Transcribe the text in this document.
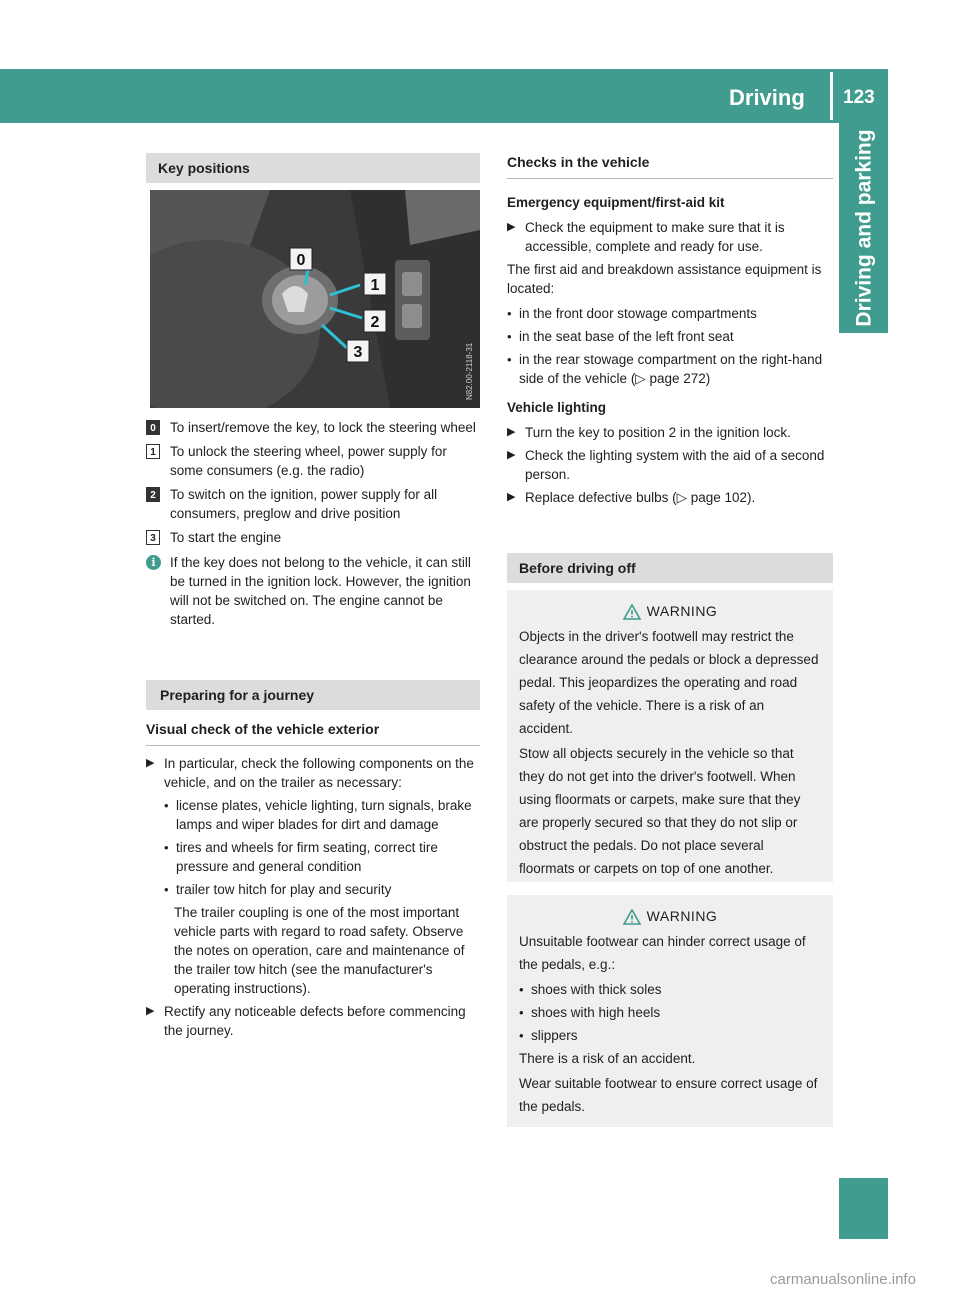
Driving 123
Driving and parking
Key positions
0
1
2
3	N82.00-2118-31
0	To insert/remove the key, to lock the steering wheel
1	To unlock the steering wheel, power supply for some consumers (e.g. the radio)
2	To switch on the ignition, power supply for all consumers, preglow and drive position
3	To start the engine
i	If the key does not belong to the vehicle, it can still be turned in the ignition lock. However, the ignition will not be switched on. The engine cannot be started.
Preparing for a journey
Visual check of the vehicle exterior
▶ In particular, check the following components on the vehicle, and on the trailer as necessary:
• license plates, vehicle lighting, turn signals, brake lamps and wiper blades for dirt and damage
• tires and wheels for firm seating, correct tire pressure and general condition
• trailer tow hitch for play and security
The trailer coupling is one of the most important vehicle parts with regard to road safety. Observe the notes on operation, care and maintenance of the trailer tow hitch (see the manufacturer's operating instructions).
▶ Rectify any noticeable defects before commencing the journey.
Checks in the vehicle
Emergency equipment/first-aid kit
▶ Check the equipment to make sure that it is accessible, complete and ready for use.

The first aid and breakdown assistance equipment is located:

• in the front door stowage compartments
• in the seat base of the left front seat
• in the rear stowage compartment on the right-hand side of the vehicle (▷ page 272)
Vehicle lighting
▶ Turn the key to position 2 in the ignition lock.
▶ Check the lighting system with the aid of a second person.
▶ Replace defective bulbs (▷ page 102).
Before driving off
WARNING

Objects in the driver's footwell may restrict the clearance around the pedals or block a depressed pedal. This jeopardizes the operating and road safety of the vehicle. There is a risk of an accident.

Stow all objects securely in the vehicle so that they do not get into the driver's footwell. When using floormats or carpets, make sure that they are properly secured so that they do not slip or obstruct the pedals. Do not place several floormats or carpets on top of one another.

WARNING

Unsuitable footwear can hinder correct usage of the pedals, e.g.:

• shoes with thick soles
• shoes with high heels
• slippers

There is a risk of an accident.

Wear suitable footwear to ensure correct usage of the pedals.

carmanualsonline.info
